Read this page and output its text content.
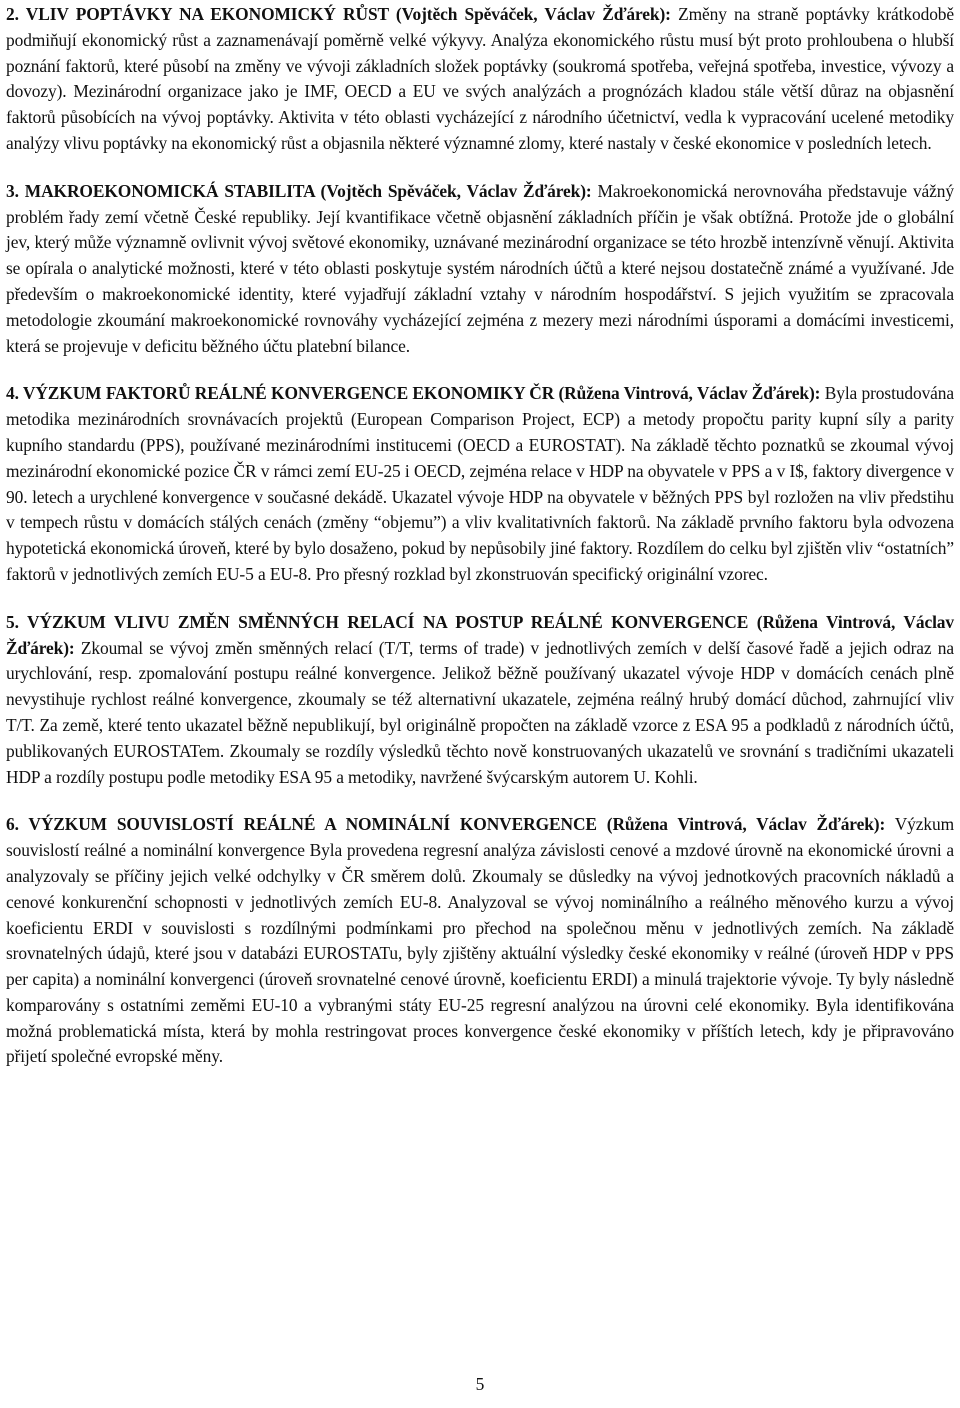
2. VLIV POPTÁVKY NA EKONOMICKÝ RŮST (Vojtěch Spěváček, Václav Žďárek): Změny na straně poptávky krátkodobě podmiňují ekonomický růst a zaznamenávají poměrně velké výkyvy. Analýza ekonomického růstu musí být proto prohloubena o hlubší poznání faktorů, které působí na změny ve vývoji základních složek poptávky (soukromá spotřeba, veřejná spotřeba, investice, vývozy a dovozy). Mezinárodní organizace jako je IMF, OECD a EU ve svých analýzách a prognózách kladou stále větší důraz na objasnění faktorů působících na vývoj poptávky. Aktivita v této oblasti vycházející z národního účetnictví, vedla k vypracování ucelené metodiky analýzy vlivu poptávky na ekonomický růst a objasnila některé významné zlomy, které nastaly v české ekonomice v posledních letech.

3. MAKROEKONOMICKÁ STABILITA (Vojtěch Spěváček, Václav Žďárek): Makroekonomická nerovnováha představuje vážný problém řady zemí včetně České republiky. Její kvantifikace včetně objasnění základních příčin je však obtížná. Protože jde o globální jev, který může významně ovlivnit vývoj světové ekonomiky, uznávané mezinárodní organizace se této hrozbě intenzívně věnují. Aktivita se opírala o analytické možnosti, které v této oblasti poskytuje systém národních účtů a které nejsou dostatečně známé a využívané. Jde především o makroekonomické identity, které vyjadřují základní vztahy v národním hospodářství. S jejich využitím se zpracovala metodologie zkoumání makroekonomické rovnováhy vycházející zejména z mezery mezi národními úsporami a domácími investicemi, která se projevuje v deficitu běžného účtu platební bilance.

4. VÝZKUM FAKTORŮ REÁLNÉ KONVERGENCE EKONOMIKY ČR (Růžena Vintrová, Václav Žďárek): Byla prostudována metodika mezinárodních srovnávacích projektů (European Comparison Project, ECP) a metody propočtu parity kupní síly a parity kupního standardu (PPS), používané mezinárodními institucemi (OECD a EUROSTAT). Na základě těchto poznatků se zkoumal vývoj mezinárodní ekonomické pozice ČR v rámci zemí EU-25 i OECD, zejména relace v HDP na obyvatele v PPS a v I$, faktory divergence v 90. letech a urychlené konvergence v současné dekádě. Ukazatel vývoje HDP na obyvatele v běžných PPS byl rozložen na vliv předstihu v tempech růstu v domácích stálých cenách (změny “objemu”) a vliv kvalitativních faktorů. Na základě prvního faktoru byla odvozena hypotetická ekonomická úroveň, které by bylo dosaženo, pokud by nepůsobily jiné faktory. Rozdílem do celku byl zjištěn vliv “ostatních” faktorů v jednotlivých zemích EU-5 a EU-8. Pro přesný rozklad byl zkonstruován specifický originální vzorec.

5. VÝZKUM VLIVU ZMĚN SMĚNNÝCH RELACÍ NA POSTUP REÁLNÉ KONVERGENCE (Růžena Vintrová, Václav Žďárek): Zkoumal se vývoj změn směnných relací (T/T, terms of trade) v jednotlivých zemích v delší časové řadě a jejich odraz na urychlování, resp. zpomalování postupu reálné konvergence. Jelikož běžně používaný ukazatel vývoje HDP v domácích cenách plně nevystihuje rychlost reálné konvergence, zkoumaly se též alternativní ukazatele, zejména reálný hrubý domácí důchod, zahrnující vliv T/T. Za země, které tento ukazatel běžně nepublikují, byl originálně propočten na základě vzorce z ESA 95 a podkladů z národních účtů, publikovaných EUROSTATem. Zkoumaly se rozdíly výsledků těchto nově konstruovaných ukazatelů ve srovnání s tradičními ukazateli HDP a rozdíly postupu podle metodiky ESA 95 a metodiky, navržené švýcarským autorem U. Kohli.

6. VÝZKUM SOUVISLOSTÍ REÁLNÉ A NOMINÁLNÍ KONVERGENCE (Růžena Vintrová, Václav Žďárek): Výzkum souvislostí reálné a nominální konvergence Byla provedena regresní analýza závislosti cenové a mzdové úrovně na ekonomické úrovni a analyzovaly se příčiny jejich velké odchylky v ČR směrem dolů. Zkoumaly se důsledky na vývoj jednotkových pracovních nákladů a cenové konkurenční schopnosti v jednotlivých zemích EU-8. Analyzoval se vývoj nominálního a reálného měnového kurzu a vývoj koeficientu ERDI v souvislosti s rozdílnými podmínkami pro přechod na společnou měnu v jednotlivých zemích. Na základě srovnatelných údajů, které jsou v databázi EUROSTATu, byly zjištěny aktuální výsledky české ekonomiky v reálné (úroveň HDP v PPS per capita) a nominální konvergenci (úroveň srovnatelné cenové úrovně, koeficientu ERDI) a minulá trajektorie vývoje. Ty byly následně komparovány s ostatními zeměmi EU-10 a vybranými státy EU-25 regresní analýzou na úrovni celé ekonomiky. Byla identifikována možná problematická místa, která by mohla restringovat proces konvergence české ekonomiky v příštích letech, kdy je připravováno přijetí společné evropské měny.

5
